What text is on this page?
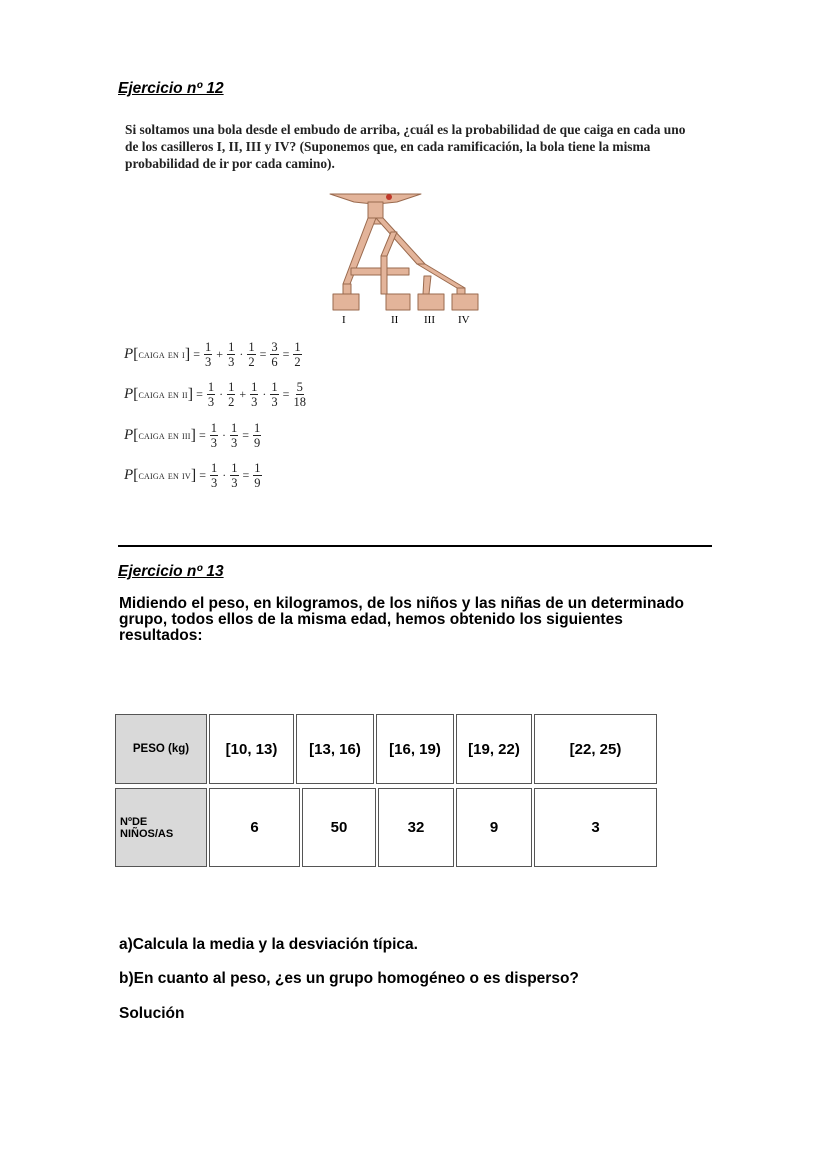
Ejercicio nº 12
Si soltamos una bola desde el embudo de arriba, ¿cuál es la probabilidad de que caiga en cada uno de los casilleros I, II, III y IV? (Suponemos que, en cada ramificación, la bola tiene la misma probabilidad de ir por cada camino).
I	II III IV
P [ caiga en i ] = $\frac{1}{3} + \frac{1}{3} \cdot \frac{1}{2} = \frac{3}{6} = \frac{1}{2}$
P [ caiga en ii ] = $\frac{1}{3} \cdot \frac{1}{2} + \frac{1}{3} \cdot \frac{1}{3} = \frac{5}{18}$
P [ caiga en iii ] = $\frac{1}{3} \cdot \frac{1}{3} = \frac{1}{9}$
P [ caiga en iv ] = $\frac{1}{3} \cdot \frac{1}{3} = \frac{1}{9}$
Ejercicio nº 13
Midiendo el peso, en kilogramos, de los niños y las niñas de un determinado grupo, todos ellos de la misma edad, hemos obtenido los siguientes resultados:
PESO (kg)	[10, 13)	[13, 16)	[16, 19)	[19, 22)	[22, 25)
NºDE
NIÑOS/AS	6	50	32	9	3
a)Calcula la media y la desviación típica.
b)En cuanto al peso, ¿es un grupo homogéneo o es disperso?
Solución
